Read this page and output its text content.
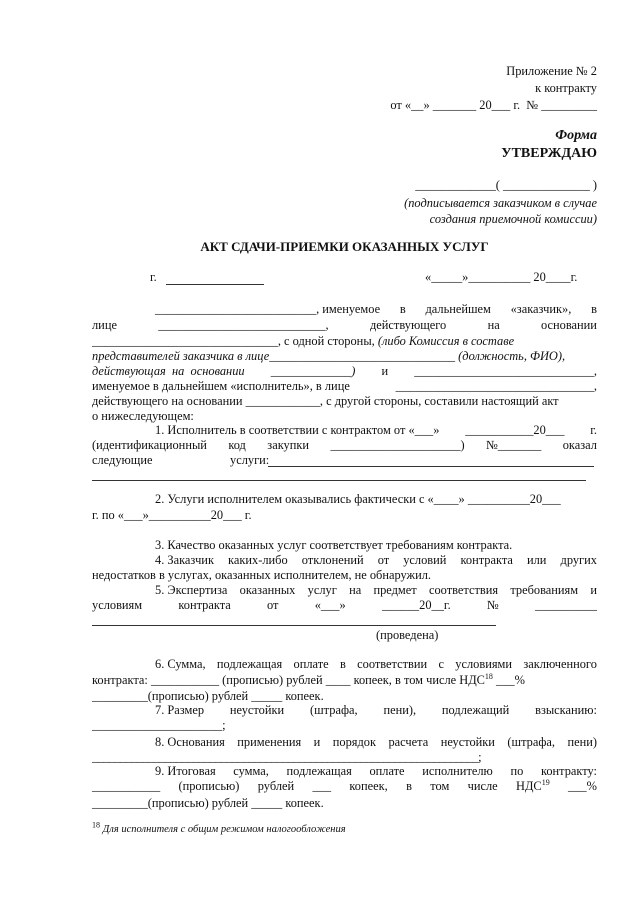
Приложение № 2
к контракту
от «__» _______ 20___ г.  № _________
Форма
УТВЕРЖДАЮ
_____________( ______________ )
(подписывается заказчиком в случае
создания приемочной комиссии)
АКТ СДАЧИ-ПРИЕМКИ ОКАЗАННЫХ УСЛУГ
г.	«_____»__________ 20____г.
__________________________, именуемое в дальнейшем «заказчик», в
лице	___________________________,	действующего	на	основании
______________________________, с одной стороны, (либо Комиссия в составе
представителей заказчика в лице______________________________ (должность, ФИО),
действующая  на  основании _____________) и _____________________________,
именуемое в дальнейшем «исполнитель», в лице	________________________________,
действующего на основании ____________, с другой стороны, составили настоящий акт
о нижеследующем:
1. Исполнитель в соответствии с контрактом от «___» ___________20___ г.
(идентификационный код закупки _____________________) №_______ оказал
следующие	услуги:
2. Услуги исполнителем оказывались фактически с «____» __________20___
г. по «___»__________20___ г.
3. Качество оказанных услуг соответствует требованиям контракта.
4. Заказчик каких-либо отклонений от условий контракта или других
недостатков в услугах, оказанных исполнителем, не обнаружил.
5. Экспертиза оказанных услуг на предмет соответствия требованиям и
условиям	контракта	от	«___»	______20__г.	№	__________
(проведена)
6. Сумма, подлежащая оплате в соответствии с условиями заключенного
контракта: ___________ (прописью) рублей ____ копеек, в том числе НДС$^{18}$ ___%
_________(прописью) рублей _____ копеек.
7. Размер неустойки (штрафа, пени), подлежащий взысканию:
_____________________;
8. Основания применения и порядок расчета неустойки (штрафа, пени)
_____________________________________________________________________;
9. Итоговая сумма, подлежащая оплате исполнителю по контракту:
___________ (прописью) рублей ___ копеек, в том числе НДС$^{19}$ ___%
_________(прописью) рублей _____ копеек.
$^{18}$ Для исполнителя с общим режимом налогообложения
